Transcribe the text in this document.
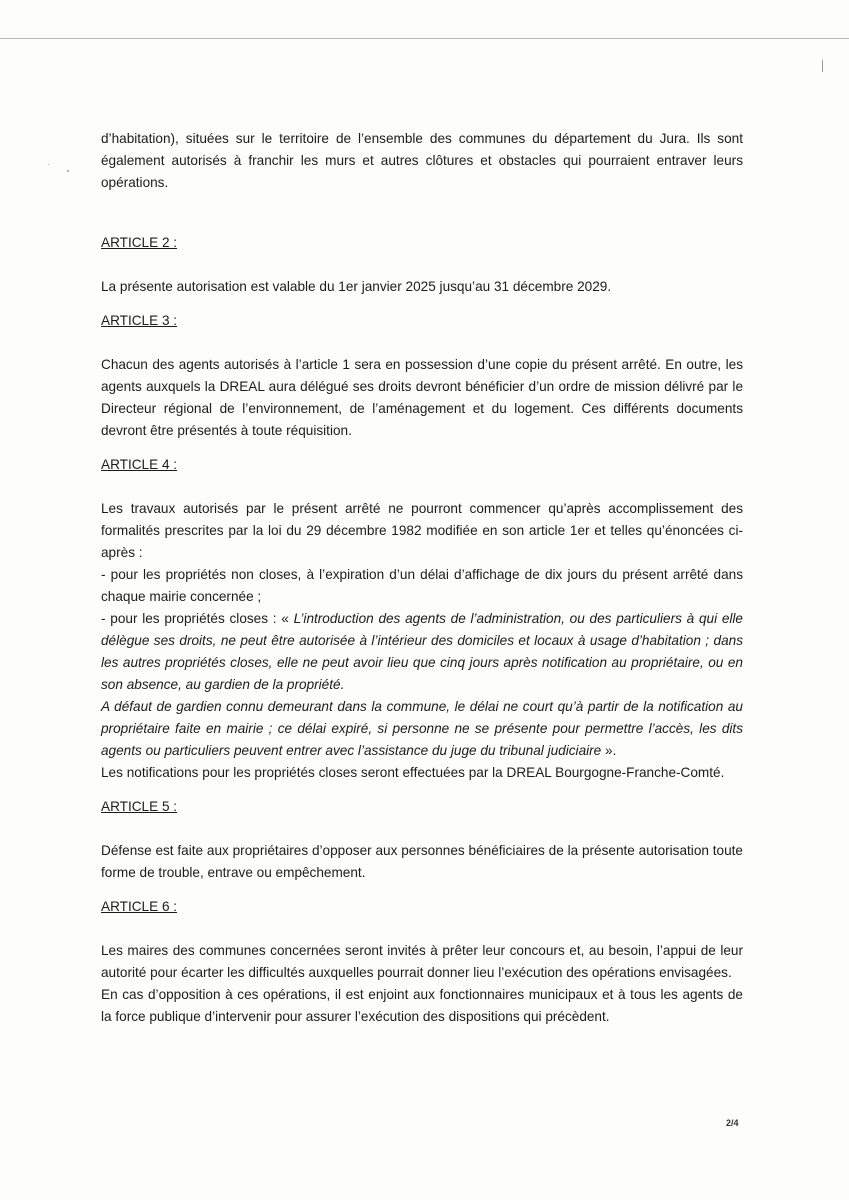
d’habitation), situées sur le territoire de l’ensemble des communes du département du Jura. Ils sont

également autorisés à franchir les murs et autres clôtures et obstacles qui pourraient entraver leurs

opérations.

ARTICLE 2 :

La présente autorisation est valable du 1er janvier 2025 jusqu’au 31 décembre 2029.

ARTICLE 3 :

Chacun des agents autorisés à l’article 1 sera en possession d’une copie du présent arrêté. En outre, les agents auxquels la DREAL aura délégué ses droits devront bénéficier d’un ordre de mission délivré par le Directeur régional de l’environnement, de l’aménagement et du logement. Ces différents documents devront être présentés à toute réquisition.

ARTICLE 4 :

Les travaux autorisés par le présent arrêté ne pourront commencer qu’après accomplissement des formalités prescrites par la loi du 29 décembre 1982 modifiée en son article 1er et telles qu’énoncées ci-après :

- pour les propriétés non closes, à l’expiration d’un délai d’affichage de dix jours du présent arrêté dans chaque mairie concernée ;

- pour les propriétés closes : « L’introduction des agents de l’administration, ou des particuliers à qui elle délègue ses droits, ne peut être autorisée à l’intérieur des domiciles et locaux à usage d’habitation ; dans les autres propriétés closes, elle ne peut avoir lieu que cinq jours après notification au propriétaire, ou en son absence, au gardien de la propriété.

A défaut de gardien connu demeurant dans la commune, le délai ne court qu’à partir de la notification au propriétaire faite en mairie ; ce délai expiré, si personne ne se présente pour permettre l’accès, les dits agents ou particuliers peuvent entrer avec l’assistance du juge du tribunal judiciaire ».

Les notifications pour les propriétés closes seront effectuées par la DREAL Bourgogne-Franche-Comté.

ARTICLE 5 :

Défense est faite aux propriétaires d’opposer aux personnes bénéficiaires de la présente autorisation toute forme de trouble, entrave ou empêchement.

ARTICLE 6 :

Les maires des communes concernées seront invités à prêter leur concours et, au besoin, l’appui de leur autorité pour écarter les difficultés auxquelles pourrait donner lieu l’exécution des opérations envisagées.

En cas d’opposition à ces opérations, il est enjoint aux fonctionnaires municipaux et à tous les agents de la force publique d’intervenir pour assurer l’exécution des dispositions qui précèdent.

2/4
